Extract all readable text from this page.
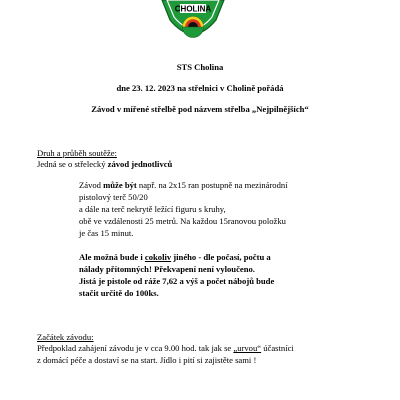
CHOLINA
STS Cholina
dne 23. 12. 2023 na střelnici v Cholině pořádá
Závod v mířené střelbě pod názvem střelba „Nejpilnějších“
Druh a průběh soutěže:
Jedná se o střelecký závod jednotlivců
Závod může být např. na 2x15 ran postupně na mezinárodní
pistolový terč 50/20
a dále na terč nekrytě ležící figuru s kruhy,
obě ve vzdálenosti 25 metrů. Na každou 15ranovou položku
je čas 15 minut.
Ale možná bude i cokoliv jiného - dle počasí, počtu a
nálady přítomných! Překvapení není vyloučeno.
Jistá je pistole od ráže 7,62 a výš a počet nábojů bude
stačit určitě do 100ks.
Začátek závodu:
Předpoklad zahájení závodu je v cca 9.00 hod. tak jak se „urvou“ účastníci
z domácí péče a dostaví se na start. Jídlo i pití si zajistěte sami !
